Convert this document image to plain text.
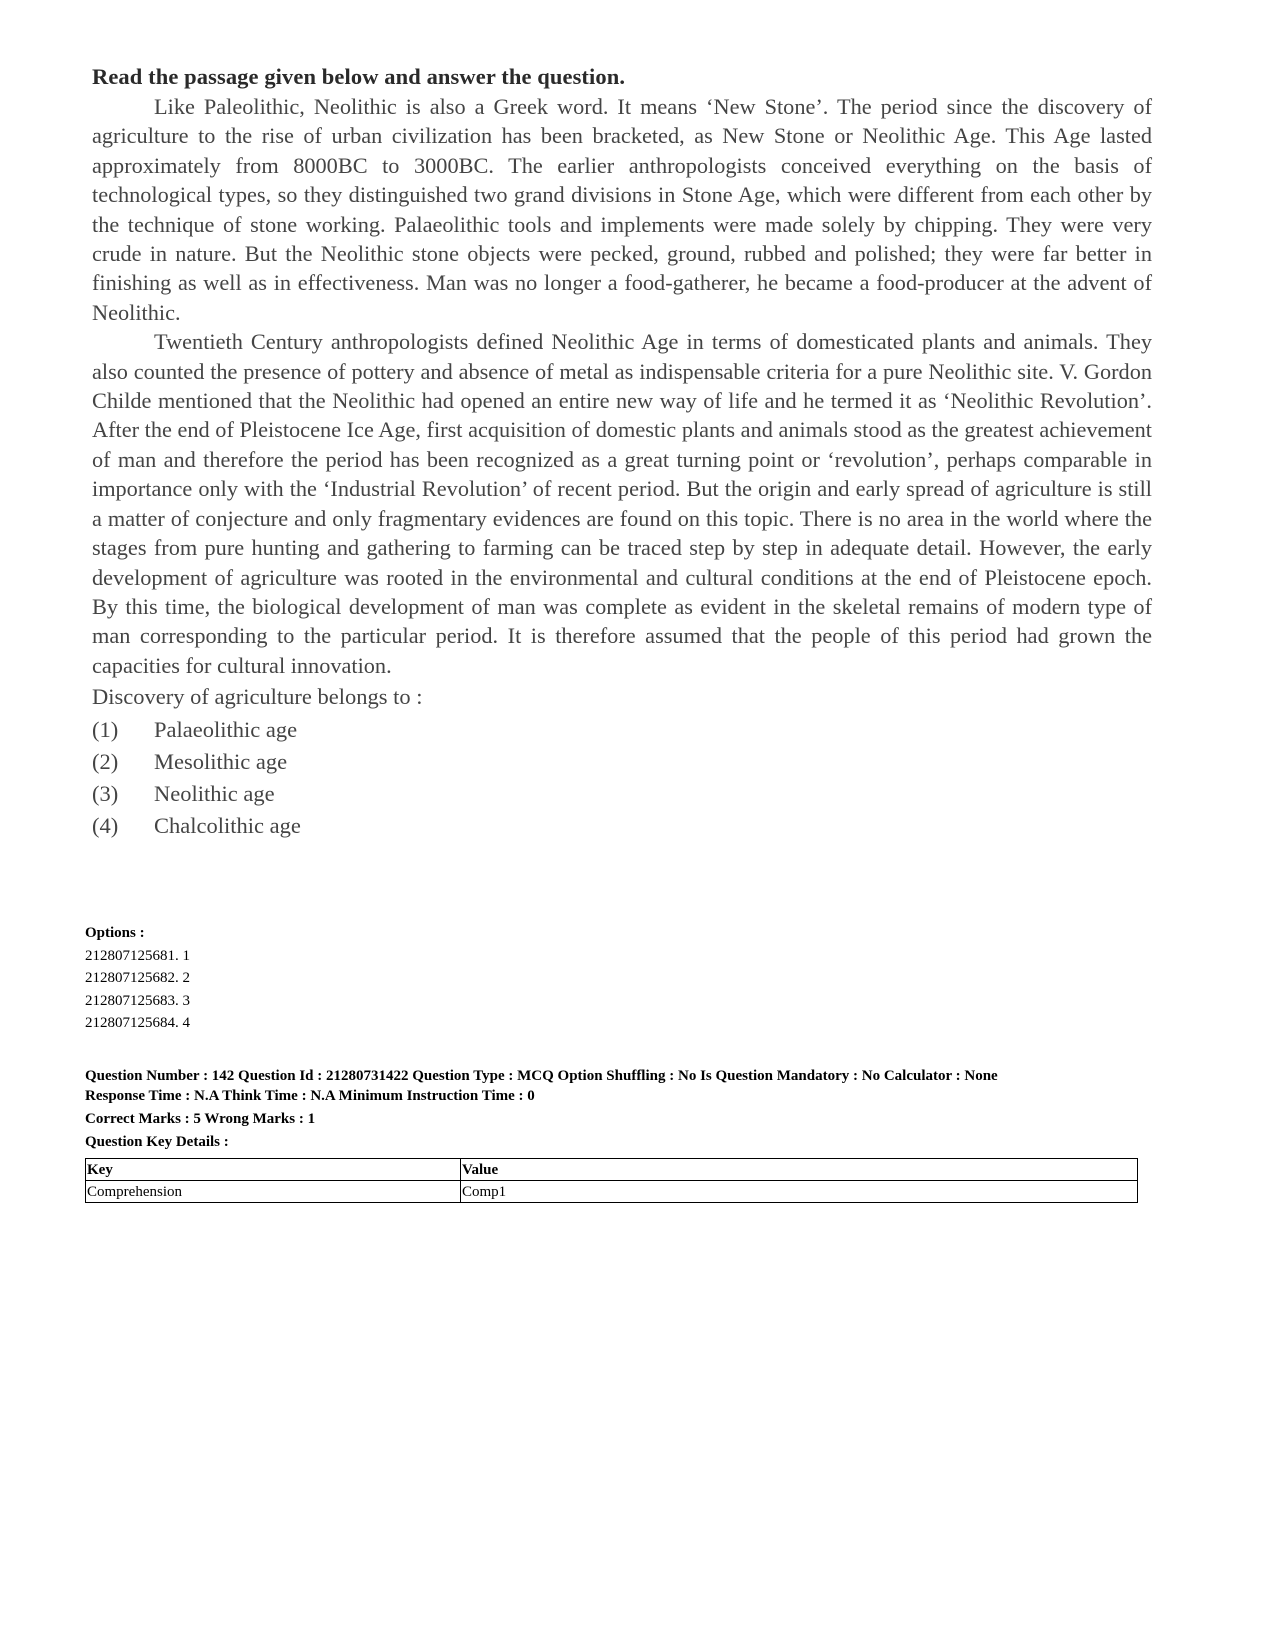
Read the passage given below and answer the question.

Like Paleolithic, Neolithic is also a Greek word. It means ‘New Stone’. The period since the discovery of agriculture to the rise of urban civilization has been bracketed, as New Stone or Neolithic Age. This Age lasted approximately from 8000BC to 3000BC. The earlier anthropologists conceived everything on the basis of technological types, so they distinguished two grand divisions in Stone Age, which were different from each other by the technique of stone working. Palaeolithic tools and implements were made solely by chipping. They were very crude in nature. But the Neolithic stone objects were pecked, ground, rubbed and polished; they were far better in finishing as well as in effectiveness. Man was no longer a food-gatherer, he became a food-producer at the advent of Neolithic.

Twentieth Century anthropologists defined Neolithic Age in terms of domesticated plants and animals. They also counted the presence of pottery and absence of metal as indispensable criteria for a pure Neolithic site. V. Gordon Childe mentioned that the Neolithic had opened an entire new way of life and he termed it as ‘Neolithic Revolution’. After the end of Pleistocene Ice Age, first acquisition of domestic plants and animals stood as the greatest achievement of man and therefore the period has been recognized as a great turning point or ‘revolution’, perhaps comparable in importance only with the ‘Industrial Revolution’ of recent period. But the origin and early spread of agriculture is still a matter of conjecture and only fragmentary evidences are found on this topic. There is no area in the world where the stages from pure hunting and gathering to farming can be traced step by step in adequate detail. However, the early development of agriculture was rooted in the environmental and cultural conditions at the end of Pleistocene epoch. By this time, the biological development of man was complete as evident in the skeletal remains of modern type of man corresponding to the particular period. It is therefore assumed that the people of this period had grown the capacities for cultural innovation.

Discovery of agriculture belongs to :
(1)	Palaeolithic age
(2)	Mesolithic age
(3)	Neolithic age
(4)	Chalcolithic age
Options :
212807125681. 1
212807125682. 2
212807125683. 3
212807125684. 4
Question Number : 142 Question Id : 21280731422 Question Type : MCQ Option Shuffling : No Is Question Mandatory : No Calculator : None
Response Time : N.A Think Time : N.A Minimum Instruction Time : 0
Correct Marks : 5 Wrong Marks : 1
Question Key Details :
Key	Value
Comprehension	Comp1
